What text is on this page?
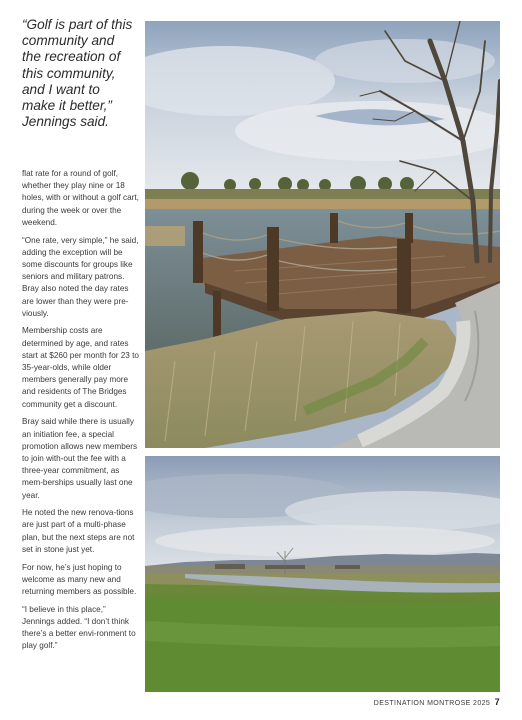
“Golf is part of this community and the recreation of this community, and I want to make it better,” Jennings said.

flat rate for a round of golf, whether they play nine or 18 holes, with or without a golf cart, during the week or over the weekend.

“One rate, very simple,” he said, adding the exception will be some discounts for groups like seniors and military patrons. Bray also noted the day rates are lower than they were pre-viously.

Membership costs are determined by age, and rates start at $260 per month for 23 to 35-year-olds, while older members generally pay more and residents of The Bridges community get a discount.

Bray said while there is usually an initiation fee, a special promotion allows new members to join with-out the fee with a three-year commitment, as mem-berships usually last one year.

He noted the new renova-tions are just part of a multi-phase plan, but the next steps are not set in stone just yet.

For now, he’s just hoping to welcome as many new and returning members as possible.

“I believe in this place,” Jennings added. “I don’t think there’s a better envi-ronment to play golf.”

DESTINATION MONTROSE 2025 7
